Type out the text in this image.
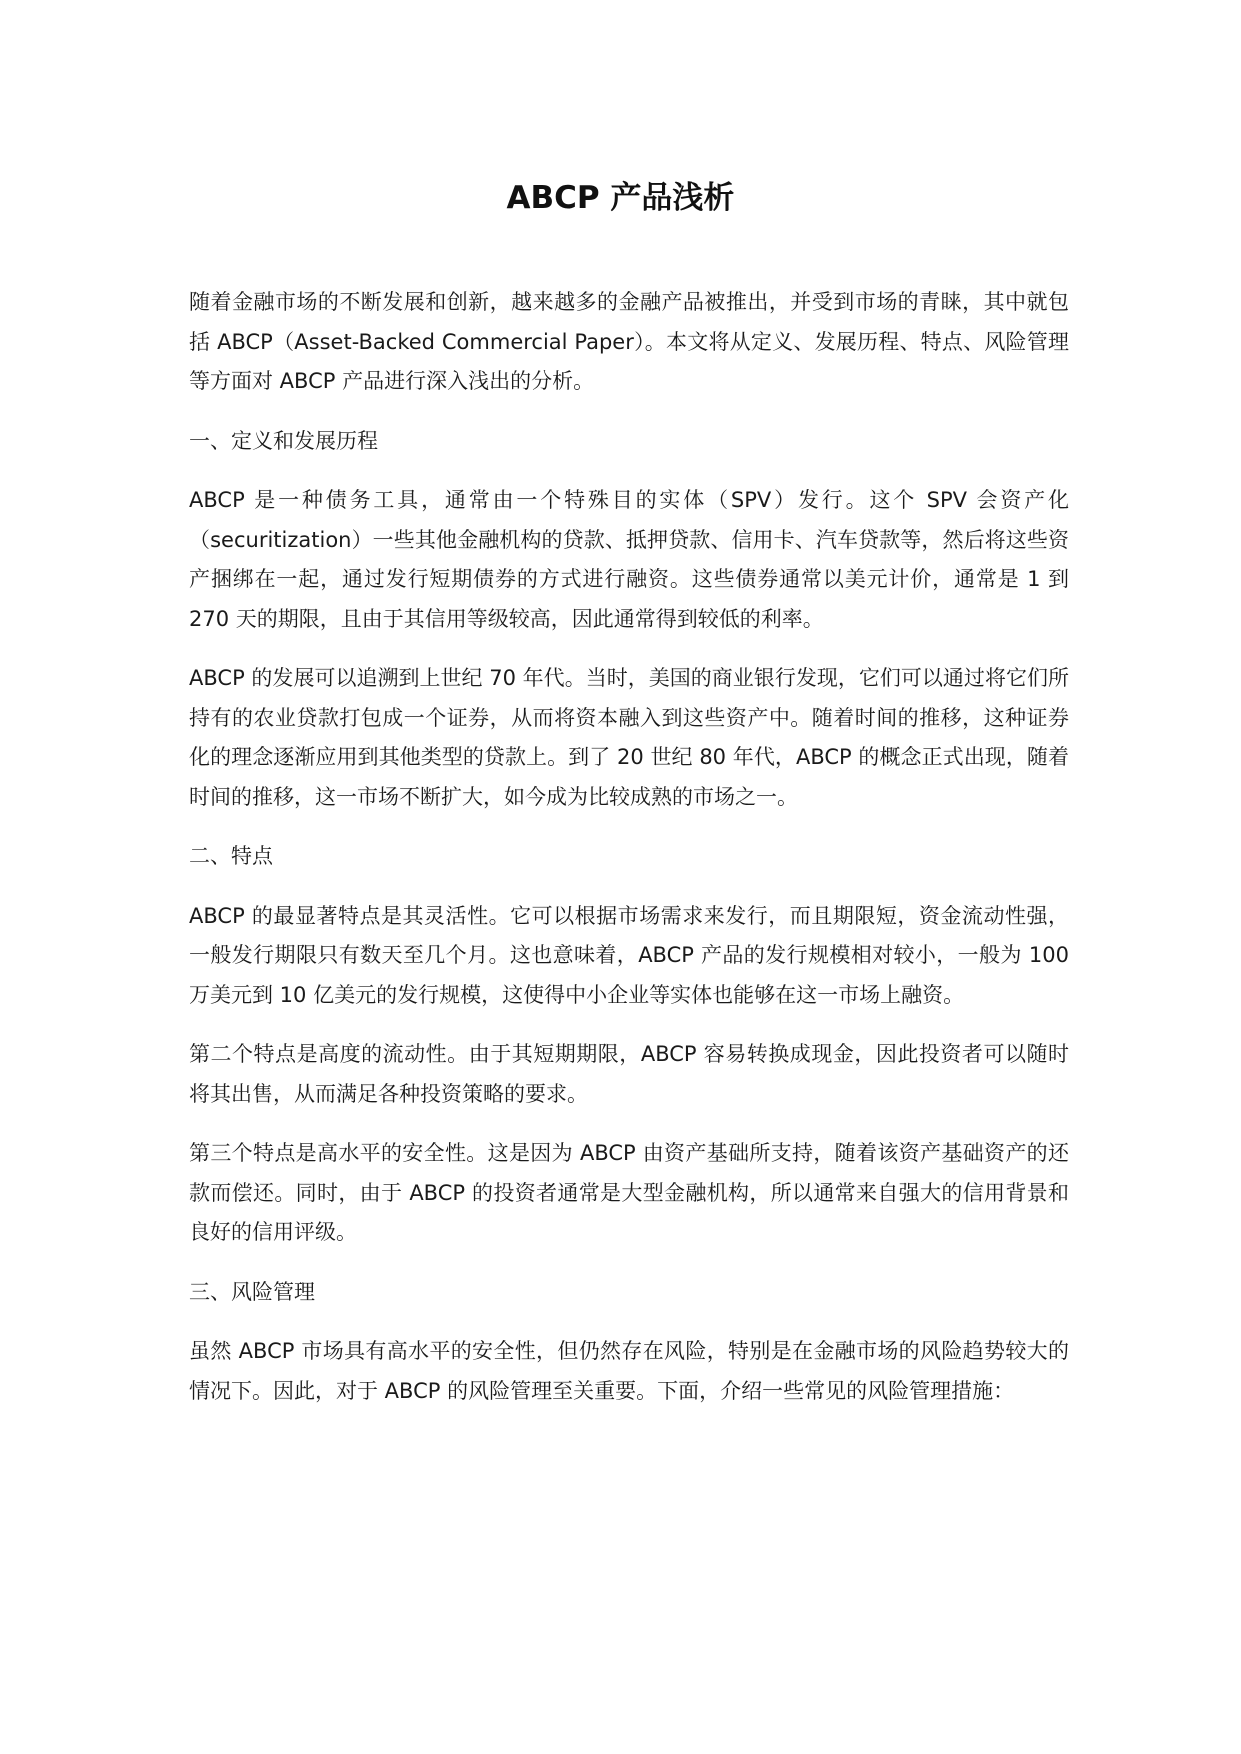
ABCP 产品浅析

随着金融市场的不断发展和创新，越来越多的金融产品被推出，并受到市场的青睐，其中就包括 ABCP（Asset-Backed Commercial Paper）。本文将从定义、发展历程、特点、风险管理等方面对 ABCP 产品进行深入浅出的分析。

一、定义和发展历程

ABCP 是一种债务工具，通常由一个特殊目的实体（SPV）发行。这个 SPV 会资产化（securitization）一些其他金融机构的贷款、抵押贷款、信用卡、汽车贷款等，然后将这些资产捆绑在一起，通过发行短期债券的方式进行融资。这些债券通常以美元计价，通常是 1 到 270 天的期限，且由于其信用等级较高，因此通常得到较低的利率。

ABCP 的发展可以追溯到上世纪 70 年代。当时，美国的商业银行发现，它们可以通过将它们所持有的农业贷款打包成一个证券，从而将资本融入到这些资产中。随着时间的推移，这种证券化的理念逐渐应用到其他类型的贷款上。到了 20 世纪 80 年代，ABCP 的概念正式出现，随着时间的推移，这一市场不断扩大，如今成为比较成熟的市场之一。

二、特点

ABCP 的最显著特点是其灵活性。它可以根据市场需求来发行，而且期限短，资金流动性强，一般发行期限只有数天至几个月。这也意味着，ABCP 产品的发行规模相对较小，一般为 100 万美元到 10 亿美元的发行规模，这使得中小企业等实体也能够在这一市场上融资。

第二个特点是高度的流动性。由于其短期期限，ABCP 容易转换成现金，因此投资者可以随时将其出售，从而满足各种投资策略的要求。

第三个特点是高水平的安全性。这是因为 ABCP 由资产基础所支持，随着该资产基础资产的还款而偿还。同时，由于 ABCP 的投资者通常是大型金融机构，所以通常来自强大的信用背景和良好的信用评级。

三、风险管理

虽然 ABCP 市场具有高水平的安全性，但仍然存在风险，特别是在金融市场的风险趋势较大的情况下。因此，对于 ABCP 的风险管理至关重要。下面，介绍一些常见的风险管理措施：
